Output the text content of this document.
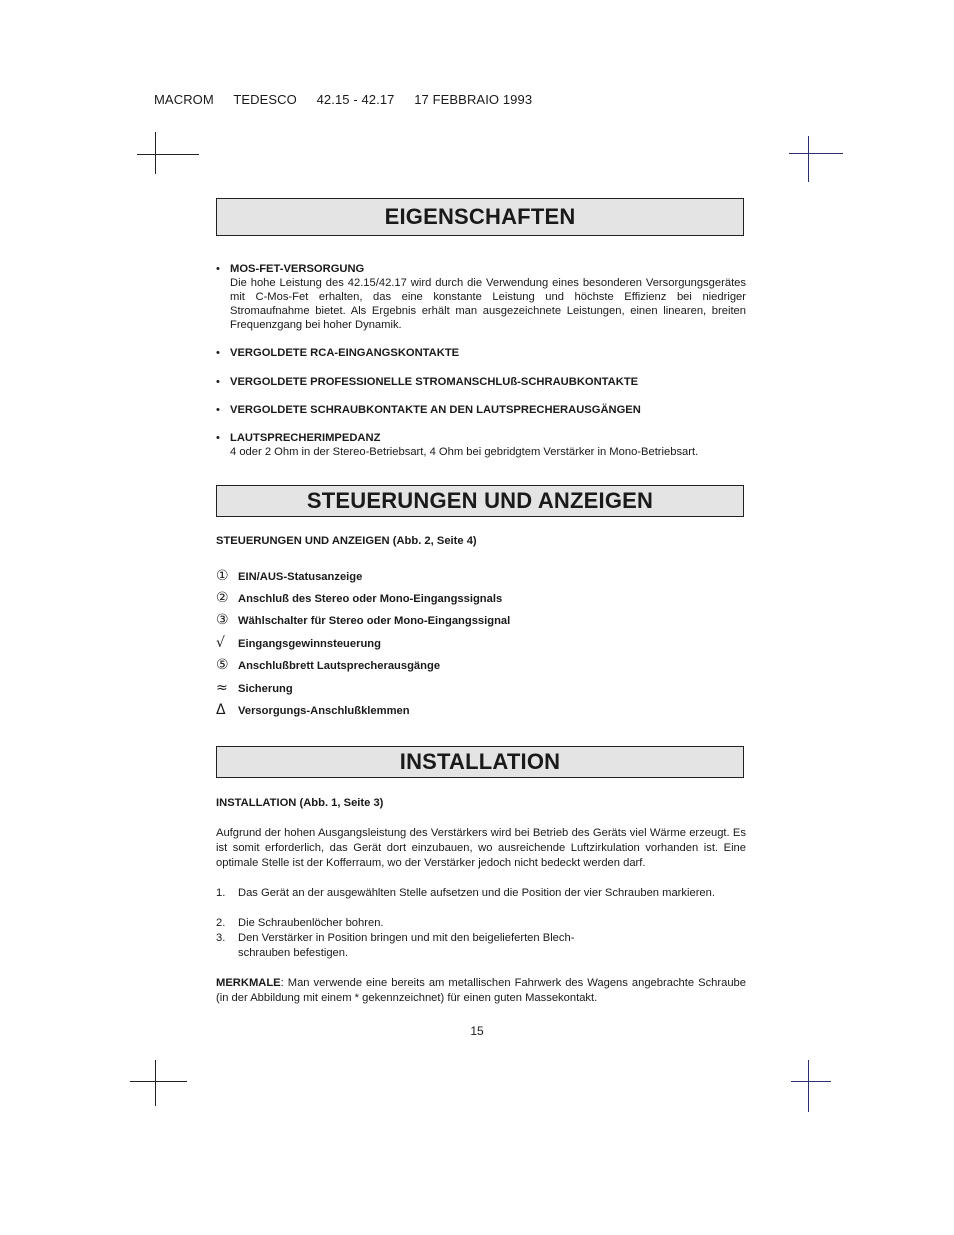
MACROM TEDESCO 42.15 - 42.17 17 FEBBRAIO 1993
EIGENSCHAFTEN
• MOS-FET-VERSORGUNG
Die hohe Leistung des 42.15/42.17 wird durch die Verwendung eines besonderen Versorgungsgerätes mit C-Mos-Fet erhalten, das eine konstante Leistung und höchste Effizienz bei niedriger Stromaufnahme bietet. Als Ergebnis erhält man ausgezeichnete Leistungen, einen linearen, breiten Frequenzgang bei hoher Dynamik.
• VERGOLDETE RCA-EINGANGSKONTAKTE
• VERGOLDETE PROFESSIONELLE STROMANSCHLUß-SCHRAUBKONTAKTE
• VERGOLDETE SCHRAUBKONTAKTE AN DEN LAUTSPRECHERAUSGÄNGEN
• LAUTSPRECHERIMPEDANZ
4 oder 2 Ohm in der Stereo-Betriebsart, 4 Ohm bei gebridgtem Verstärker in Mono-Betriebsart.
STEUERUNGEN UND ANZEIGEN
STEUERUNGEN UND ANZEIGEN (Abb. 2, Seite 4)
① EIN/AUS-Statusanzeige
② Anschluß des Stereo oder Mono-Eingangssignals
③ Wählschalter für Stereo oder Mono-Eingangssignal
√ Eingangsgewinnsteuerung
⑤ Anschlußbrett Lautsprecherausgänge
≈ Sicherung
Δ Versorgungs-Anschlußklemmen
INSTALLATION
INSTALLATION (Abb. 1, Seite 3)
Aufgrund der hohen Ausgangsleistung des Verstärkers wird bei Betrieb des Geräts viel Wärme erzeugt. Es ist somit erforderlich, das Gerät dort einzubauen, wo ausreichende Luftzirkulation vorhanden ist. Eine optimale Stelle ist der Kofferraum, wo der Verstärker jedoch nicht bedeckt werden darf.
1.	Das Gerät an der ausgewählten Stelle aufsetzen und die Position der vier Schrauben markieren.
2.	Die Schraubenlöcher bohren.
3.	Den Verstärker in Position bringen und mit den beigelieferten Blech-schrauben befestigen.
MERKMALE: Man verwende eine bereits am metallischen Fahrwerk des Wagens angebrachte Schraube (in der Abbildung mit einem * gekennzeichnet) für einen guten Massekontakt.
15
